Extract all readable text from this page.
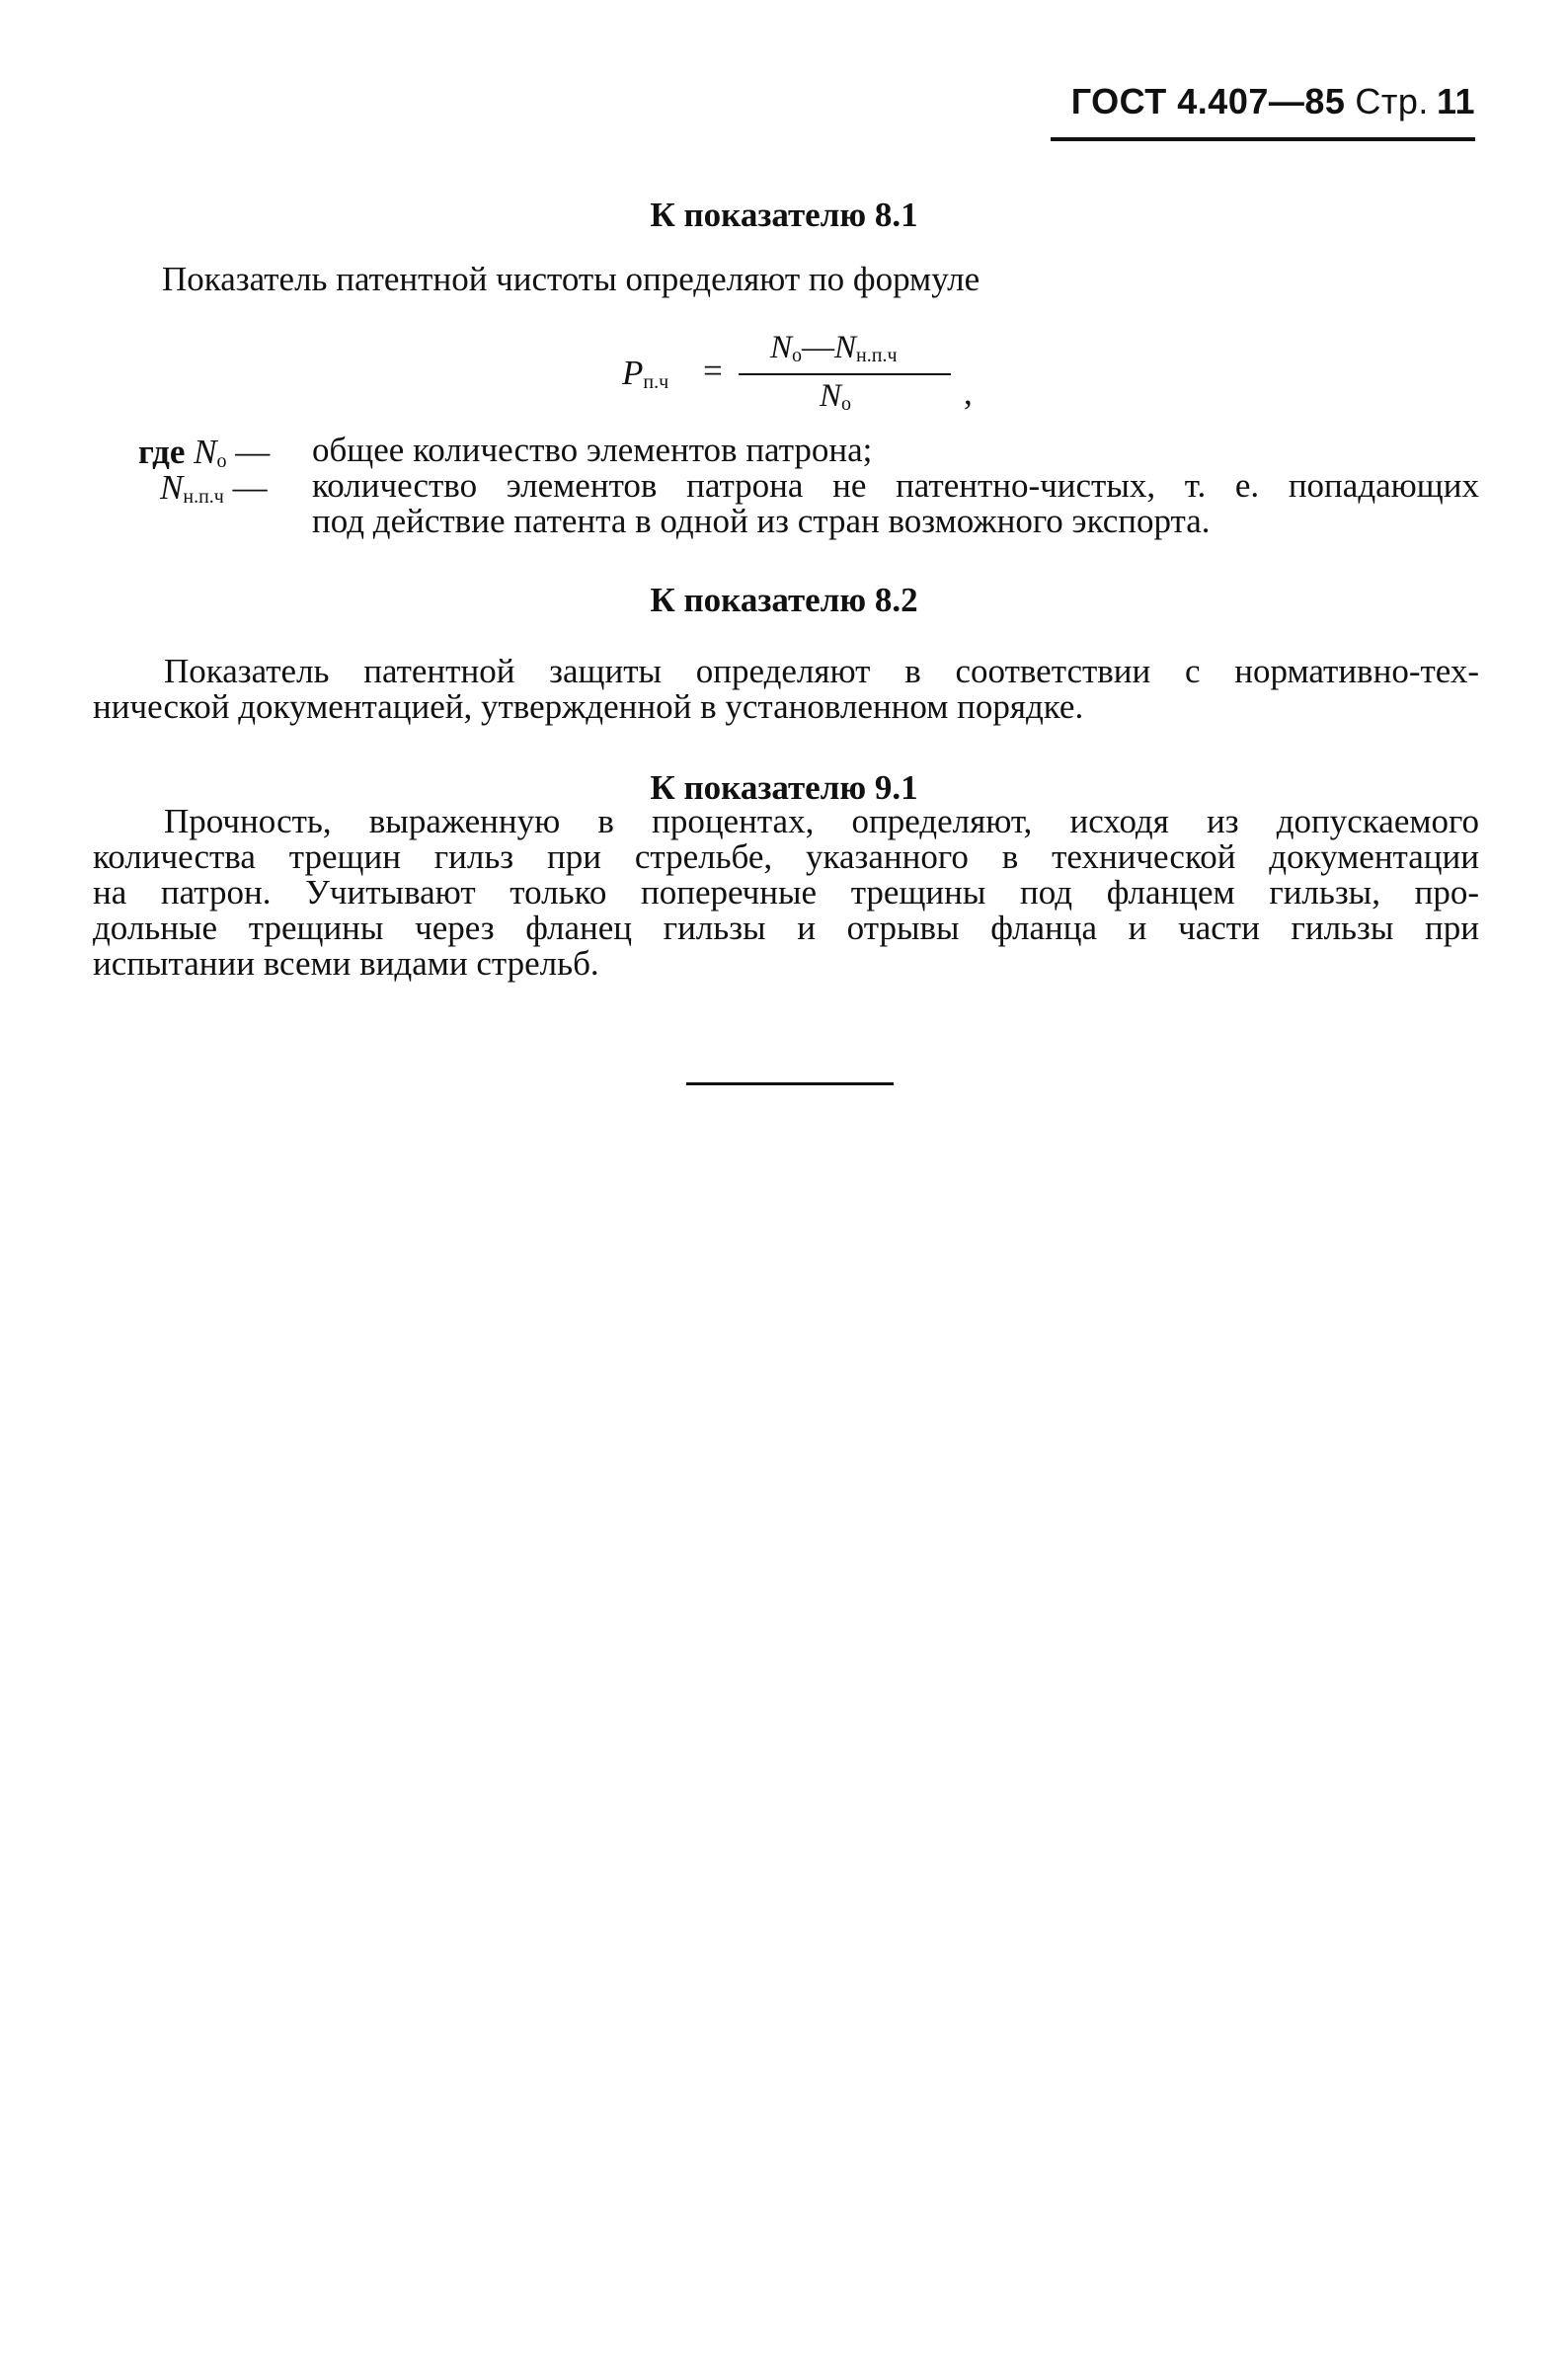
ГОСТ 4.407—85 Стр. 11
К показателю 8.1
Показатель патентной чистоты определяют по формуле
$P_{п.ч}$ =
$N_о—N_{н.п.ч}$
$N_о$	,
где $N_о$ — общее количество элементов патрона;
$N_{н.п.ч}$ — количество элементов патрона не патентно-чистых, т. е. попадающих
под действие патента в одной из стран возможного экспорта.
К показателю 8.2
Показатель патентной защиты определяют в соответствии с нормативно-тех-
нической документацией, утвержденной в установленном порядке.
К показателю 9.1
Прочность, выраженную в процентах, определяют, исходя из допускаемого
количества трещин гильз при стрельбе, указанного в технической документации
на патрон. Учитывают только поперечные трещины под фланцем гильзы, про-
дольные трещины через фланец гильзы и отрывы фланца и части гильзы при
испытании всеми видами стрельб.
